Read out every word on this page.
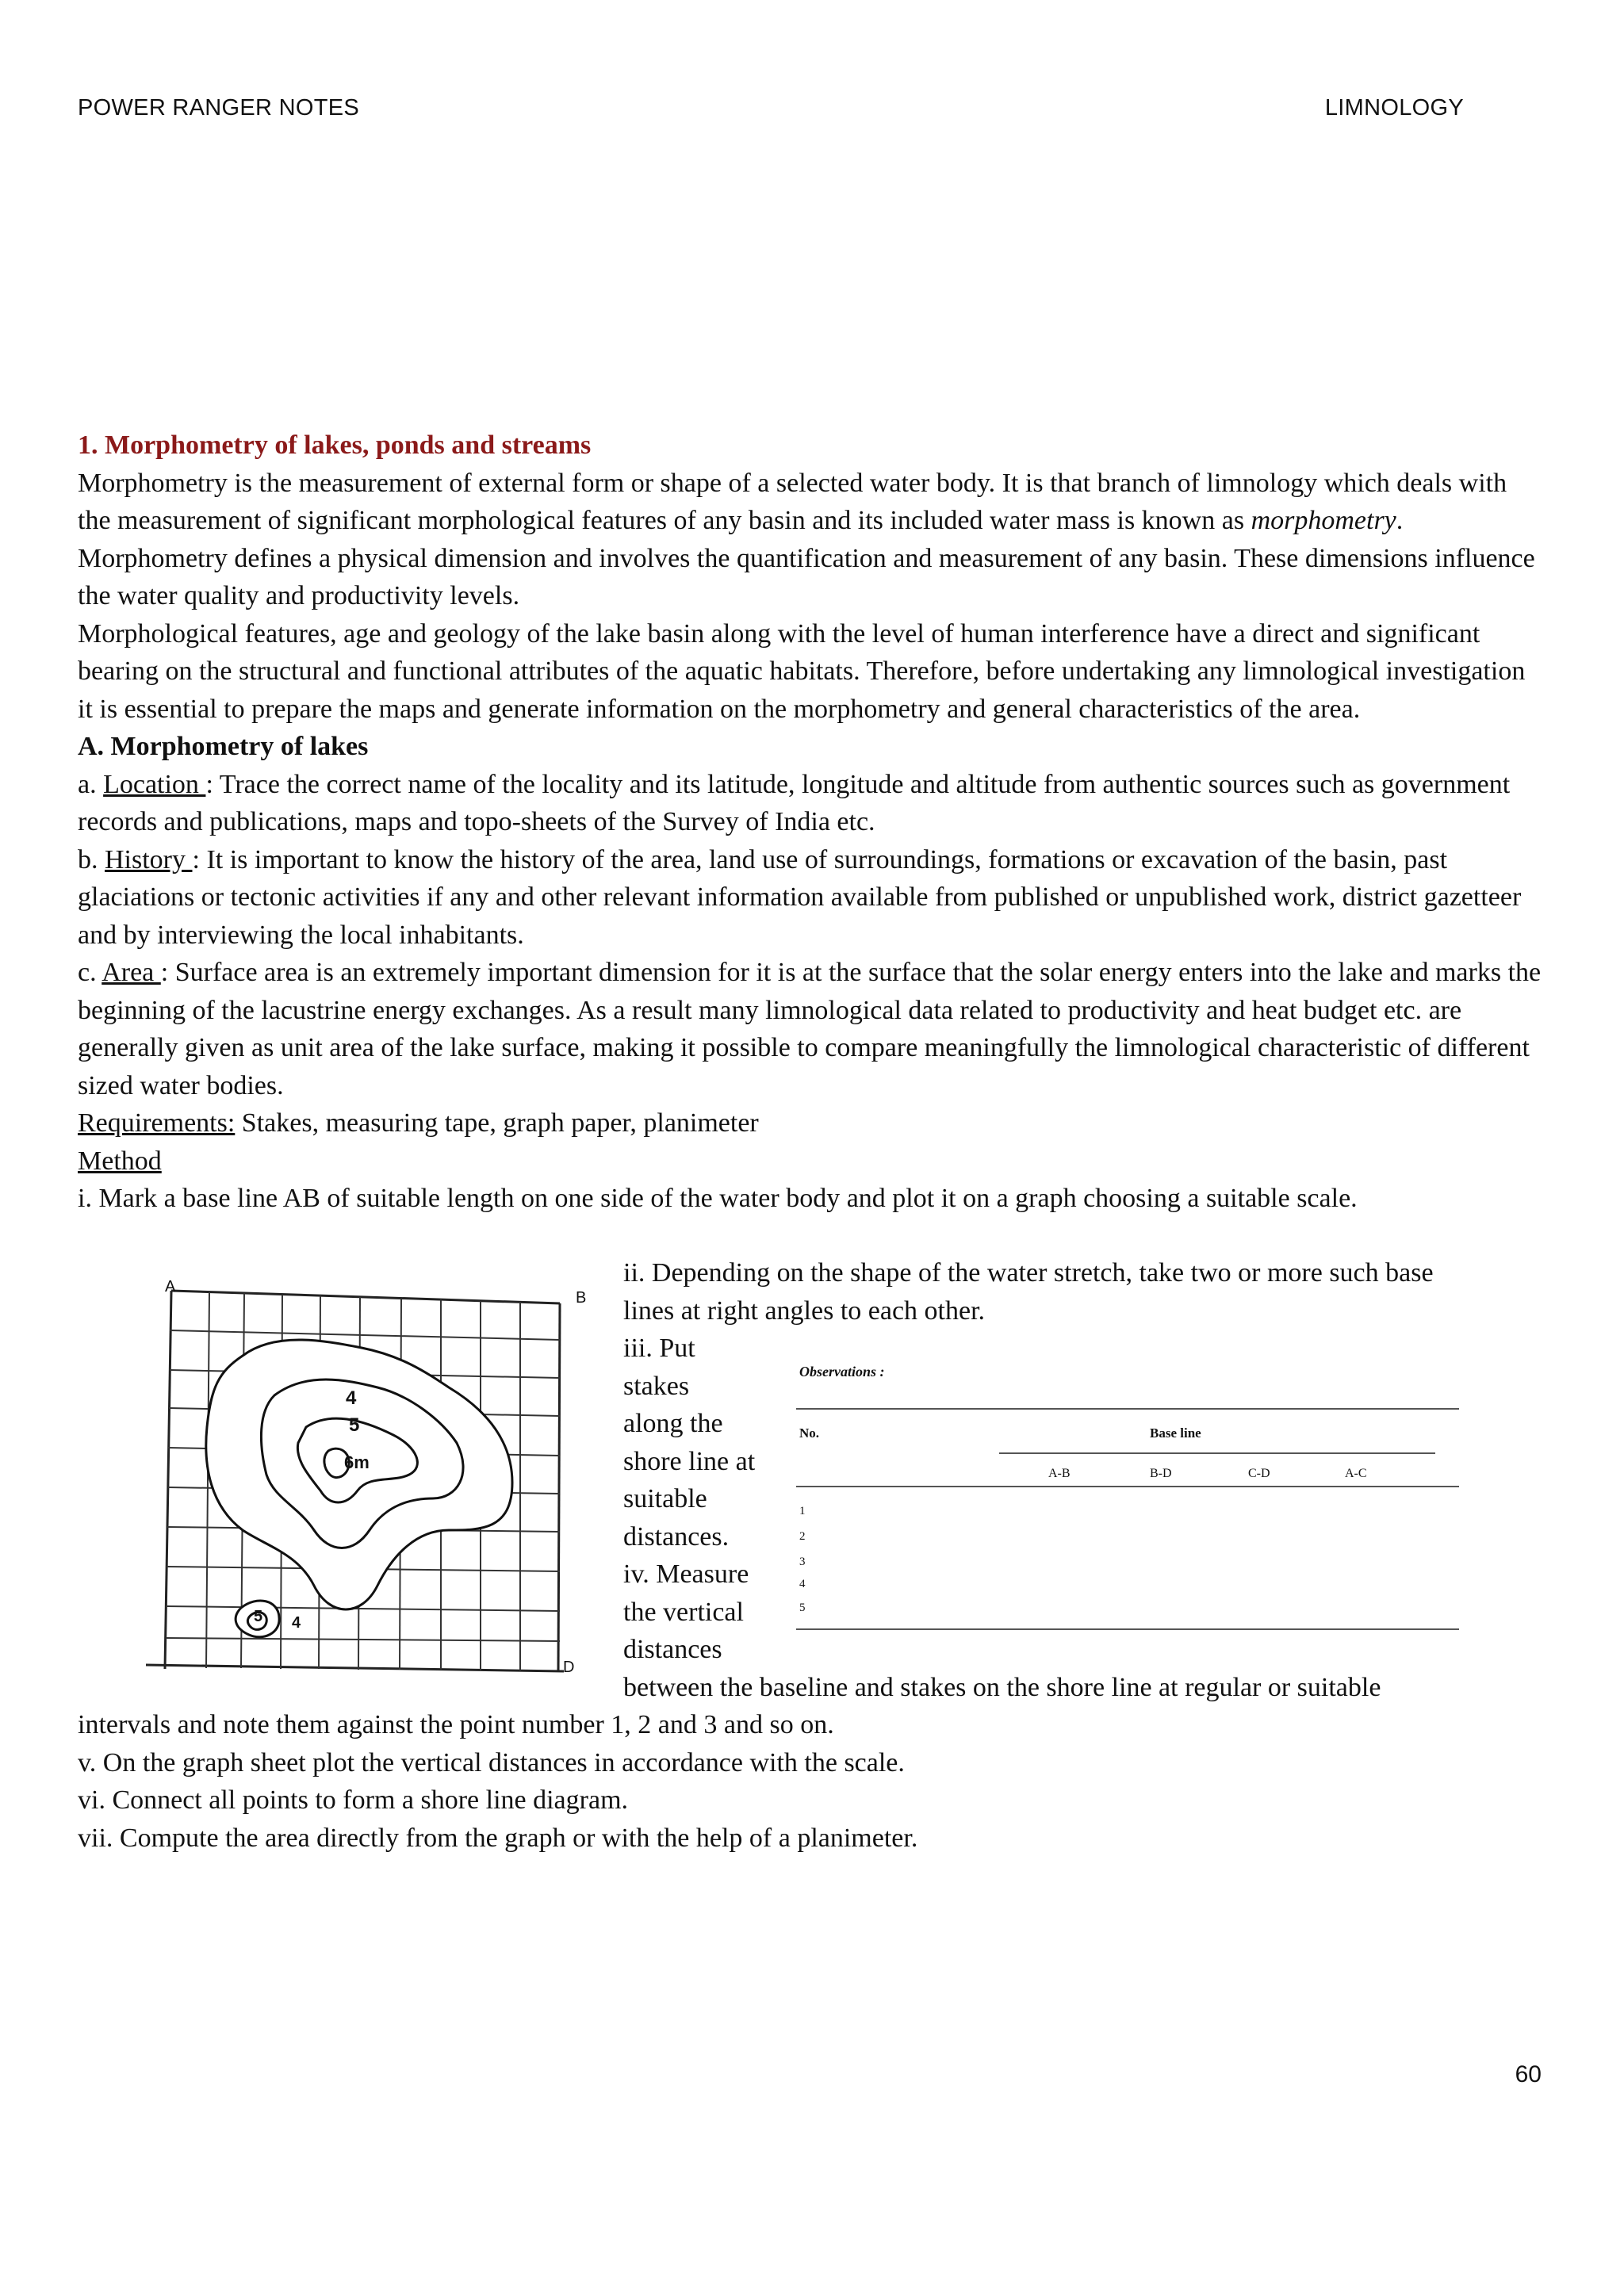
POWER RANGER NOTES	LIMNOLOGY

1. Morphometry of lakes, ponds and streams

Morphometry is the measurement of external form or shape of a selected water body. It is that branch of limnology which deals with the measurement of significant morphological features of any basin and its included water mass is known as morphometry. Morphometry defines a physical dimension and involves the quantification and measurement of any basin. These dimensions influence the water quality and productivity levels.

Morphological features, age and geology of the lake basin along with the level of human interference have a direct and significant bearing on the structural and functional attributes of the aquatic habitats. Therefore, before undertaking any limnological investigation it is essential to prepare the maps and generate information on the morphometry and general characteristics of the area.

A. Morphometry of lakes

a. Location : Trace the correct name of the locality and its latitude, longitude and altitude from authentic sources such as government records and publications, maps and topo-sheets of the Survey of India etc.

b. History : It is important to know the history of the area, land use of surroundings, formations or excavation of the basin, past glaciations or tectonic activities if any and other relevant information available from published or unpublished work, district gazetteer and by interviewing the local inhabitants.

c. Area : Surface area is an extremely important dimension for it is at the surface that the solar energy enters into the lake and marks the beginning of the lacustrine energy exchanges. As a result many limnological data related to productivity and heat budget etc. are generally given as unit area of the lake surface, making it possible to compare meaningfully the limnological characteristic of different sized water bodies.

Requirements: Stakes, measuring tape, graph paper, planimeter

Method

i. Mark a base line AB of suitable length on one side of the water body and plot it on a graph choosing a suitable scale.

ii. Depending on the shape of the water stretch, take two or more such base

lines at right angles to each other.

iii. Put

stakes

along the

shore line at

suitable

distances.

iv. Measure

the vertical

distances

between the baseline and stakes on the shore line at regular or suitable

intervals and note them against the point number 1, 2 and 3 and so on.

v. On the graph sheet plot the vertical distances in accordance with the scale.

vi. Connect all points to form a shore line diagram.

vii. Compute the area directly from the graph or with the help of a planimeter.

A
B
D
4
5
6m
5 4
Observations :
No.	Base line
A-B	B-D	C-D	A-C
1
2
3
4
5
60
